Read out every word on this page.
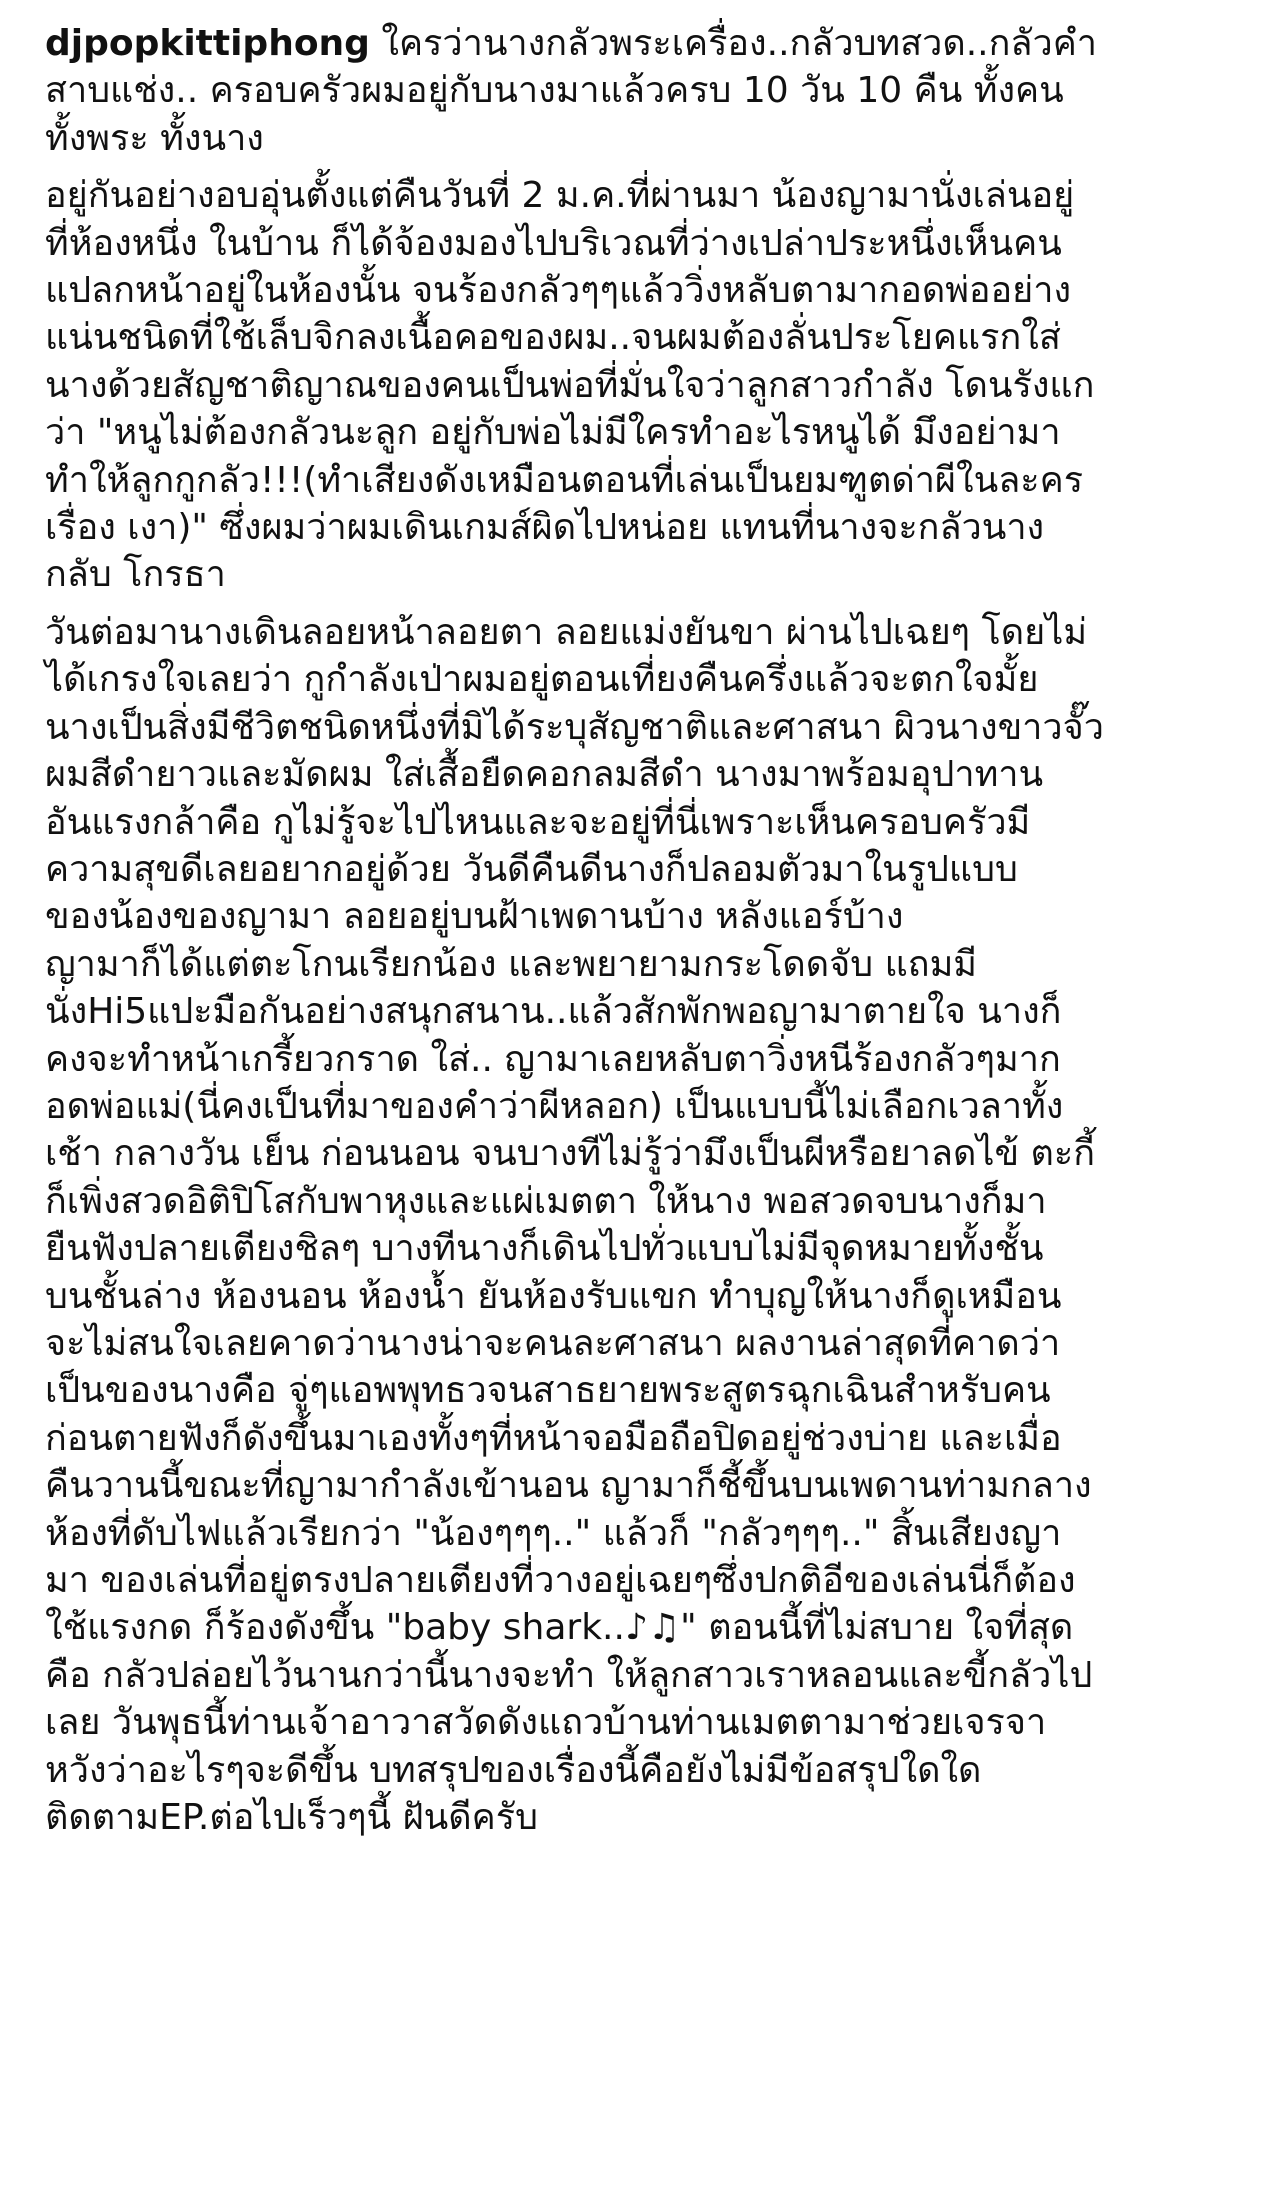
djpopkittiphong ใครว่านางกลัวพระเครื่อง..กลัวบทสวด..กลัวคำ
สาบแช่ง.. ครอบครัวผมอยู่กับนางมาแล้วครบ 10 วัน 10 คืน ทั้งคน
ทั้งพระ ทั้งนาง
อยู่กันอย่างอบอุ่นตั้งแต่คืนวันที่ 2 ม.ค.ที่ผ่านมา น้องญามานั่งเล่นอยู่
ที่ห้องหนึ่ง ในบ้าน ก็ได้จ้องมองไปบริเวณที่ว่างเปล่าประหนึ่งเห็นคน
แปลกหน้าอยู่ในห้องนั้น จนร้องกลัวๆๆแล้ววิ่งหลับตามากอดพ่ออย่าง
แน่นชนิดที่ใช้เล็บจิกลงเนื้อคอของผม..จนผมต้องลั่นประโยคแรกใส่
นางด้วยสัญชาติญาณของคนเป็นพ่อที่มั่นใจว่าลูกสาวกำลัง โดนรังแก
ว่า "หนูไม่ต้องกลัวนะลูก อยู่กับพ่อไม่มีใครทำอะไรหนูได้ มึงอย่ามา
ทำให้ลูกกูกลัว!!!(ทำเสียงดังเหมือนตอนที่เล่นเป็นยมฑูตด่าผีในละคร
เรื่อง เงา)" ซึ่งผมว่าผมเดินเกมส์ผิดไปหน่อย แทนที่นางจะกลัวนาง
กลับ โกรธา
วันต่อมานางเดินลอยหน้าลอยตา ลอยแม่งยันขา ผ่านไปเฉยๆ โดยไม่
ได้เกรงใจเลยว่า กูกำลังเป่าผมอยู่ตอนเที่ยงคืนครึ่งแล้วจะตกใจมั้ย
นางเป็นสิ่งมีชีวิตชนิดหนึ่งที่มิได้ระบุสัญชาติและศาสนา ผิวนางขาวจั๊ว
ผมสีดำยาวและมัดผม ใส่เสื้อยืดคอกลมสีดำ นางมาพร้อมอุปาทาน
อันแรงกล้าคือ กูไม่รู้จะไปไหนและจะอยู่ที่นี่เพราะเห็นครอบครัวมี
ความสุขดีเลยอยากอยู่ด้วย วันดีคืนดีนางก็ปลอมตัวมาในรูปแบบ
ของน้องของญามา ลอยอยู่บนฝ้าเพดานบ้าง หลังแอร์บ้าง
ญามาก็ได้แต่ตะโกนเรียกน้อง และพยายามกระโดดจับ แถมมี
นั่งHi5แปะมือกันอย่างสนุกสนาน..แล้วสักพักพอญามาตายใจ นางก็
คงจะทำหน้าเกรี้ยวกราด ใส่.. ญามาเลยหลับตาวิ่งหนีร้องกลัวๆมาก
อดพ่อแม่(นี่คงเป็นที่มาของคำว่าผีหลอก) เป็นแบบนี้ไม่เลือกเวลาทั้ง
เช้า กลางวัน เย็น ก่อนนอน จนบางทีไม่รู้ว่ามึงเป็นผีหรือยาลดไข้ ตะกี้
ก็เพิ่งสวดอิติปิโสกับพาหุงและแผ่เมตตา ให้นาง พอสวดจบนางก็มา
ยืนฟังปลายเตียงชิลๆ บางทีนางก็เดินไปทั่วแบบไม่มีจุดหมายทั้งชั้น
บนชั้นล่าง ห้องนอน ห้องน้ำ ยันห้องรับแขก ทำบุญให้นางก็ดูเหมือน
จะไม่สนใจเลยคาดว่านางน่าจะคนละศาสนา ผลงานล่าสุดที่คาดว่า
เป็นของนางคือ จู่ๆแอพพุทธวจนสาธยายพระสูตรฉุกเฉินสำหรับคน
ก่อนตายฟังก็ดังขึ้นมาเองทั้งๆที่หน้าจอมือถือปิดอยู่ช่วงบ่าย และเมื่อ
คืนวานนี้ขณะที่ญามากำลังเข้านอน ญามาก็ชี้ขึ้นบนเพดานท่ามกลาง
ห้องที่ดับไฟแล้วเรียกว่า "น้องๆๆๆ.." แล้วก็ "กลัวๆๆๆ.." สิ้นเสียงญา
มา ของเล่นที่อยู่ตรงปลายเตียงที่วางอยู่เฉยๆซึ่งปกติอีของเล่นนี่ก็ต้อง
ใช้แรงกด ก็ร้องดังขึ้น "baby shark..♪♫" ตอนนี้ที่ไม่สบาย ใจที่สุด
คือ กลัวปล่อยไว้นานกว่านี้นางจะทำ ให้ลูกสาวเราหลอนและขี้กลัวไป
เลย วันพุธนี้ท่านเจ้าอาวาสวัดดังแถวบ้านท่านเมตตามาช่วยเจรจา
หวังว่าอะไรๆจะดีขึ้น บทสรุปของเรื่องนี้คือยังไม่มีข้อสรุปใดใด
ติดตามEP.ต่อไปเร็วๆนี้ ฝันดีครับ
